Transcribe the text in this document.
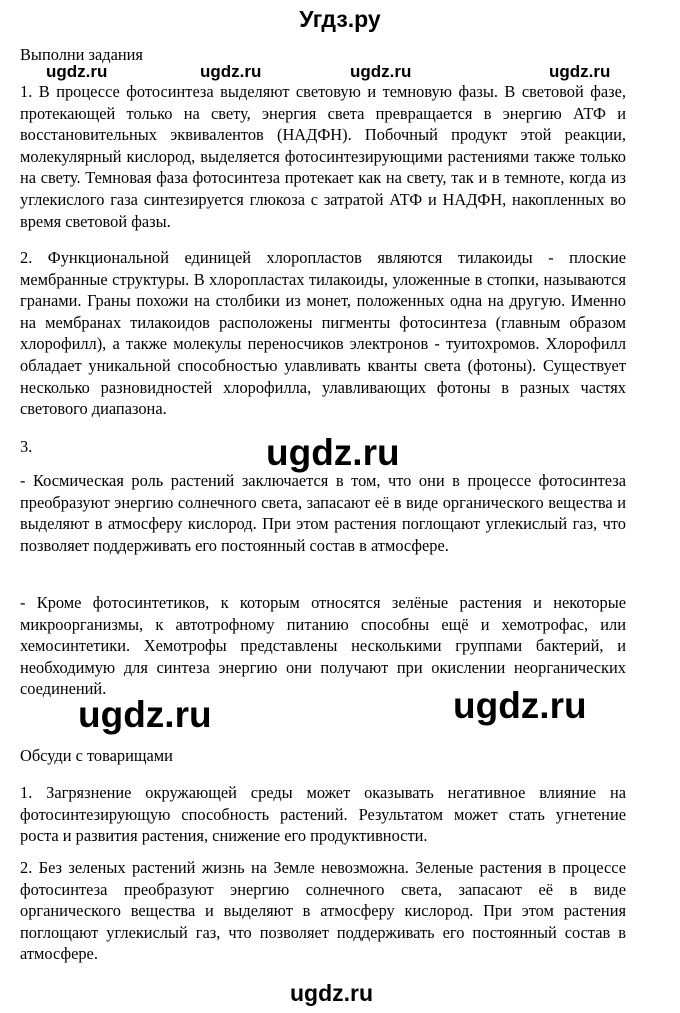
Угдз.ру
Выполни задания
1. В процессе фотосинтеза выделяют световую и темновую фазы. В световой фазе, протекающей только на свету, энергия света превращается в энергию АТФ и восстановительных эквивалентов (НАДФН). Побочный продукт этой реакции, молекулярный кислород, выделяется фотосинтезирующими растениями также только на свету. Темновая фаза фотосинтеза протекает как на свету, так и в темноте, когда из углекислого газа синтезируется глюкоза с затратой АТФ и НАДФН, накопленных во время световой фазы.
2. Функциональной единицей хлоропластов являются тилакоиды - плоские мембранные структуры. В хлоропластах тилакоиды, уложенные в стопки, называются гранами. Граны похожи на столбики из монет, положенных одна на другую. Именно на мембранах тилакоидов расположены пигменты фотосинтеза (главным образом хлорофилл), а также молекулы переносчиков электронов - туитохромов. Хлорофилл обладает уникальной способностью улавливать кванты света (фотоны). Существует несколько разновидностей хлорофилла, улавливающих фотоны в разных частях светового диапазона.
3.
- Космическая роль растений заключается в том, что они в процессе фотосинтеза преобразуют энергию солнечного света, запасают её в виде органического вещества и выделяют в атмосферу кислород. При этом растения поглощают углекислый газ, что позволяет поддерживать его постоянный состав в атмосфере.
- Кроме фотосинтетиков, к которым относятся зелёные растения и некоторые микроорганизмы, к автотрофному питанию способны ещё и хемотрофас, или хемосинтетики. Хемотрофы представлены несколькими группами бактерий, и необходимую для синтеза энергию они получают при окислении неорганических соединений.
Обсуди с товарищами
1. Загрязнение окружающей среды может оказывать негативное влияние на фотосинтезирующую способность растений. Результатом может стать угнетение роста и развития растения, снижение его продуктивности.
2. Без зеленых растений жизнь на Земле невозможна. Зеленые растения в процессе фотосинтеза преобразуют энергию солнечного света, запасают её в виде органического вещества и выделяют в атмосферу кислород. При этом растения поглощают углекислый газ, что позволяет поддерживать его постоянный состав в атмосфере.
ugdz.ru	ugdz.ru	ugdz.ru	ugdz.ru
ugdz.ru
ugdz.ru	ugdz.ru
ugdz.ru
